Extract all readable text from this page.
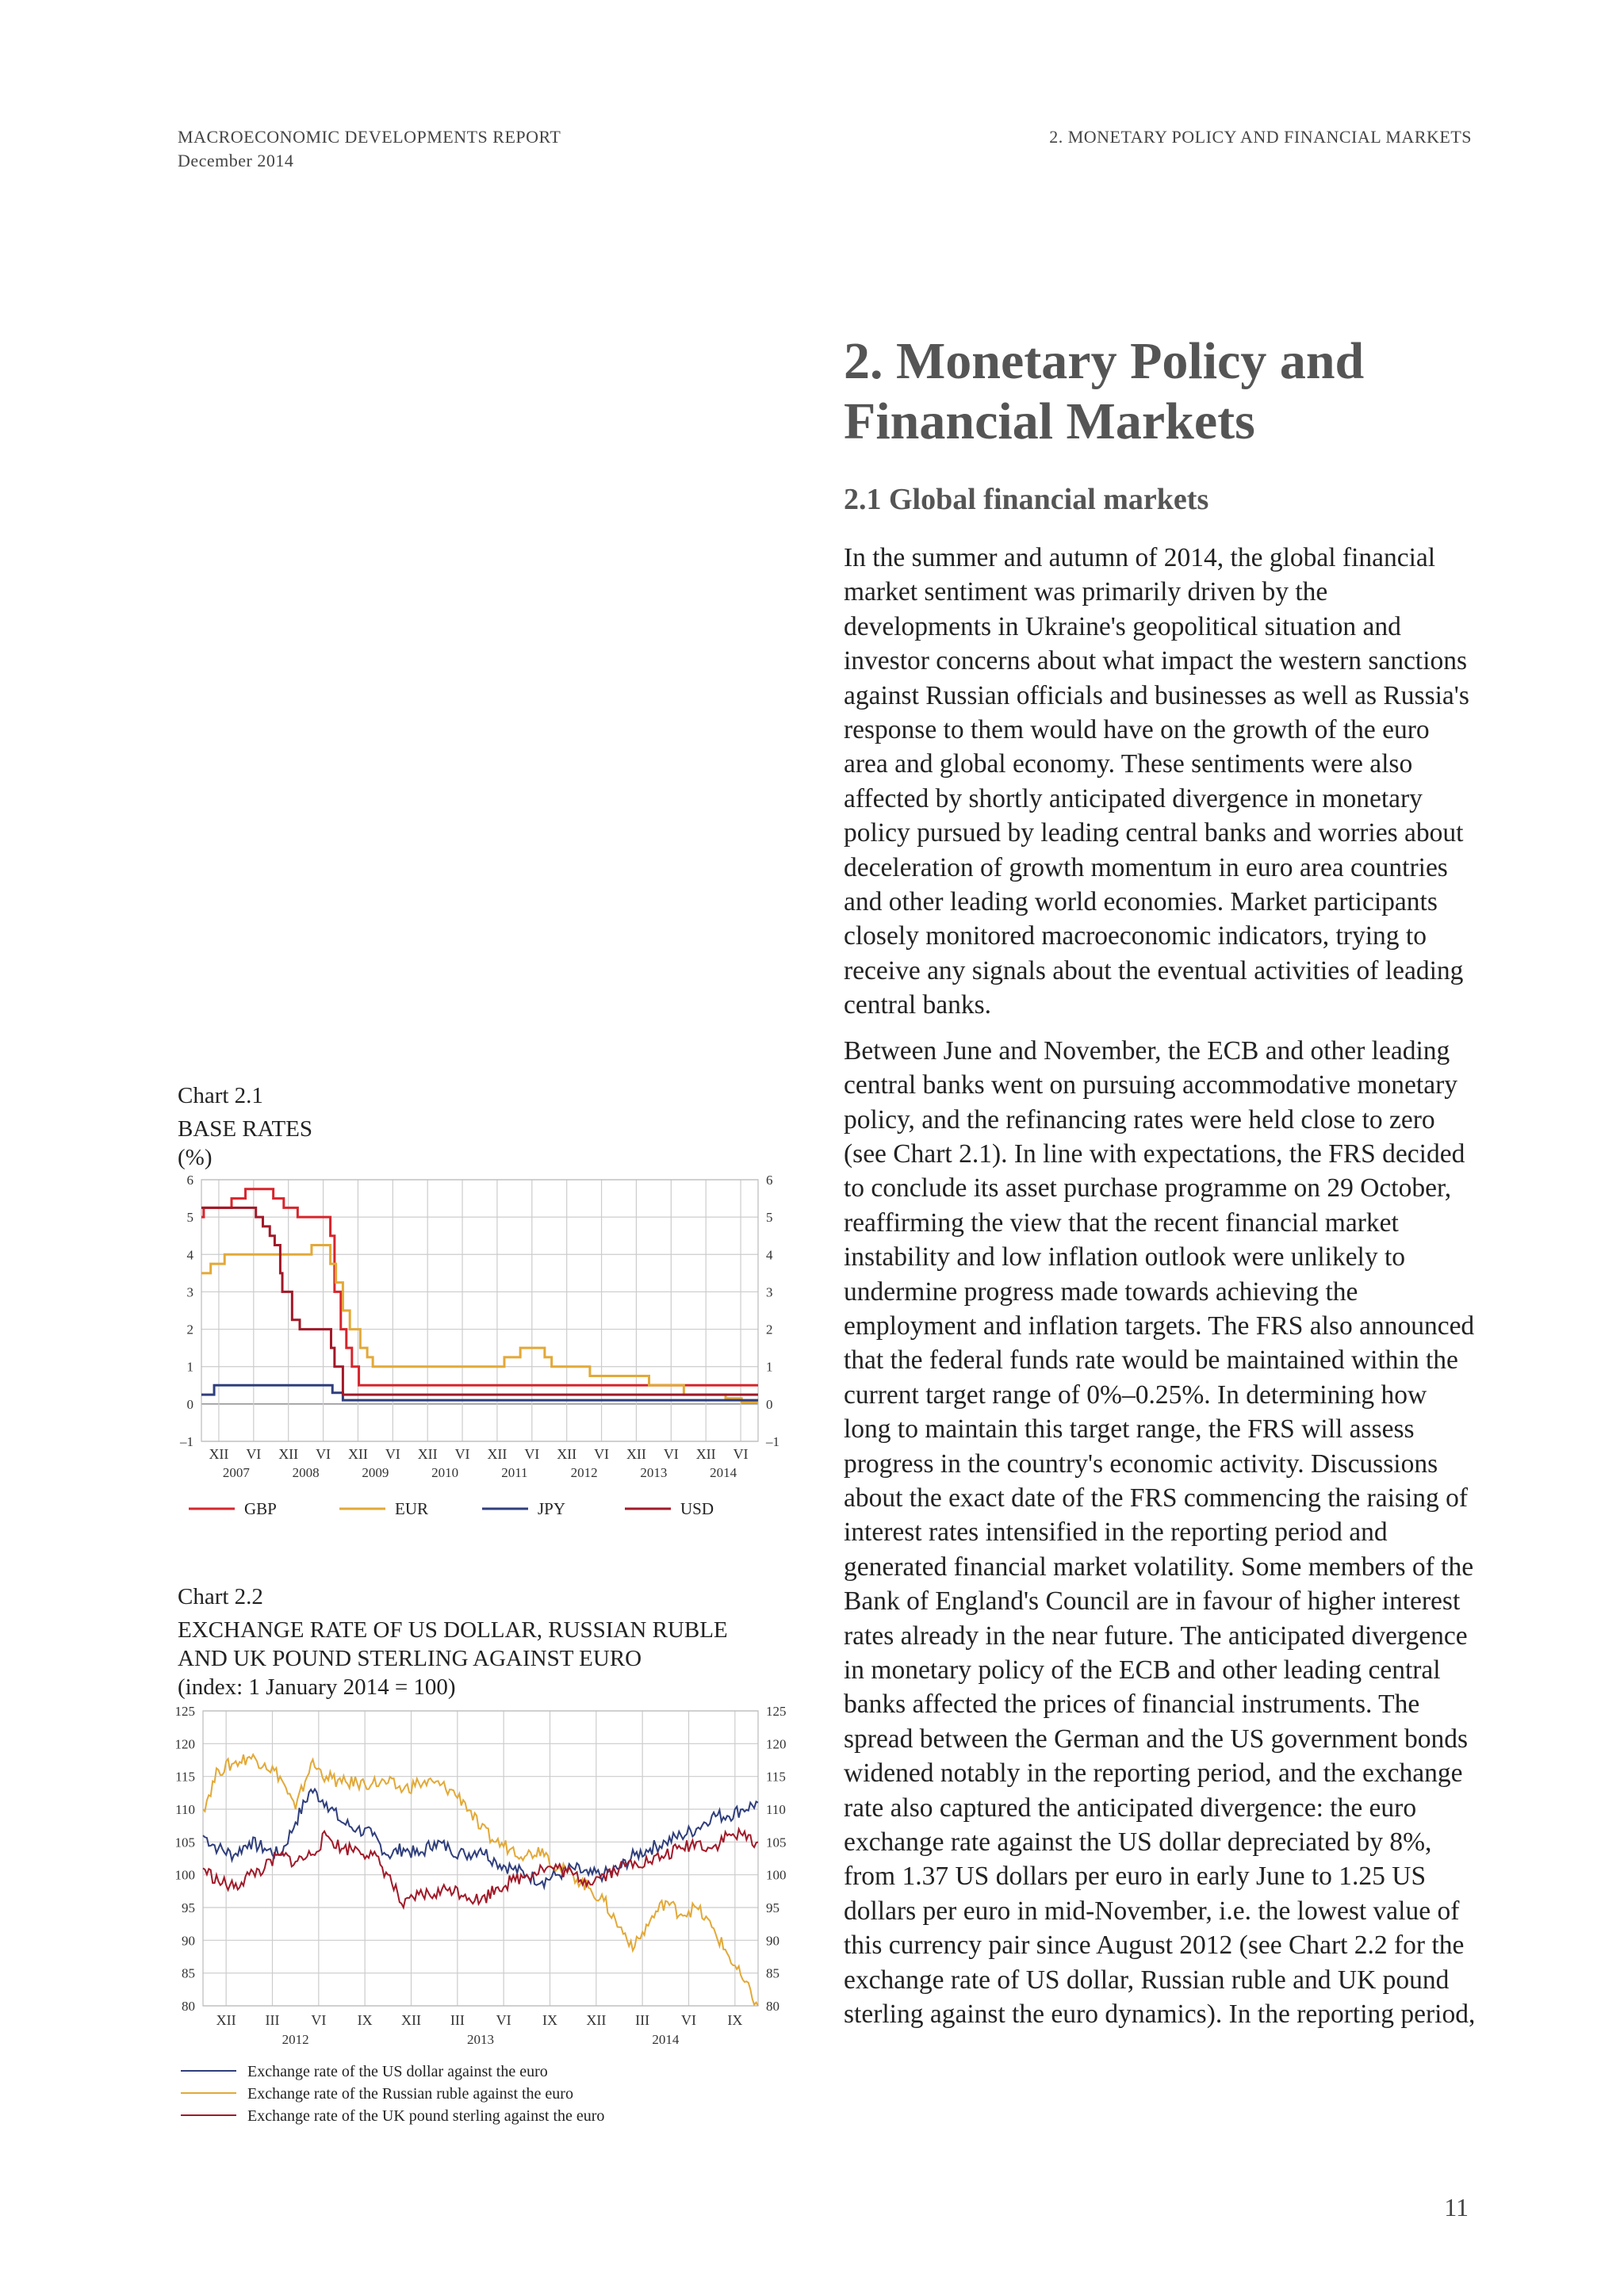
MACROECONOMIC DEVELOPMENTS REPORT
December 2014
2. MONETARY POLICY AND FINANCIAL MARKETS
2. Monetary Policy and Financial Markets
2.1 Global financial markets

In the summer and autumn of 2014, the global financial market sentiment was primarily driven by the developments in Ukraine's geopolitical situation and investor concerns about what impact the western sanctions against Russian officials and businesses as well as Russia's response to them would have on the growth of the euro area and global economy. These sentiments were also affected by shortly anticipated divergence in monetary policy pursued by leading central banks and worries about deceleration of growth momentum in euro area countries and other leading world economies. Market participants closely monitored macroeconomic indicators, trying to receive any signals about the eventual activities of leading central banks.

Between June and November, the ECB and other leading central banks went on pursuing accommodative monetary policy, and the refinancing rates were held close to zero (see Chart 2.1). In line with expectations, the FRS decided to conclude its asset purchase programme on 29 October, reaffirming the view that the recent financial market instability and low inflation outlook were unlikely to undermine progress made towards achieving the employment and inflation targets. The FRS also announced that the federal funds rate would be maintained within the current target range of 0%–0.25%. In determining how long to maintain this target range, the FRS will assess progress in the country's economic activity. Discussions about the exact date of the FRS commencing the raising of interest rates intensified in the reporting period and generated financial market volatility. Some members of the Bank of England's Council are in favour of higher interest rates already in the near future. The anticipated divergence in monetary policy of the ECB and other leading central banks affected the prices of financial instruments. The spread between the German and the US government bonds widened notably in the reporting period, and the exchange rate also captured the anticipated divergence: the euro exchange rate against the US dollar depreciated by 8%, from 1.37 US dollars per euro in early June to 1.25 US dollars per euro in mid-November, i.e. the lowest value of this currency pair since August 2012 (see Chart 2.2 for the exchange rate of US dollar, Russian ruble and UK pound sterling against the euro dynamics). In the reporting period,

Chart 2.1
BASE RATES
(%)
6	6
5	5
4	4
3	3
2	2
1	1
0	0
–1	–1
XII VI XII VI XII VI XII VI XII VI XII VI XII VI XII VI
2007	2008	2009	2010	2011	2012	2013	2014
GBP	EUR	JPY	USD
Chart 2.2
EXCHANGE RATE OF US DOLLAR, RUSSIAN RUBLE AND UK POUND STERLING AGAINST EURO
(index: 1 January 2014 = 100)
125	125
120	120
115	115
110	110
105	105
100	100
95	95
90	90
85	85
80	80
XII III VI IX XII III VI IX XII III VI IX
2012	2013	2014
Exchange rate of the US dollar against the euro
Exchange rate of the Russian ruble against the euro
Exchange rate of the UK pound sterling against the euro
11
